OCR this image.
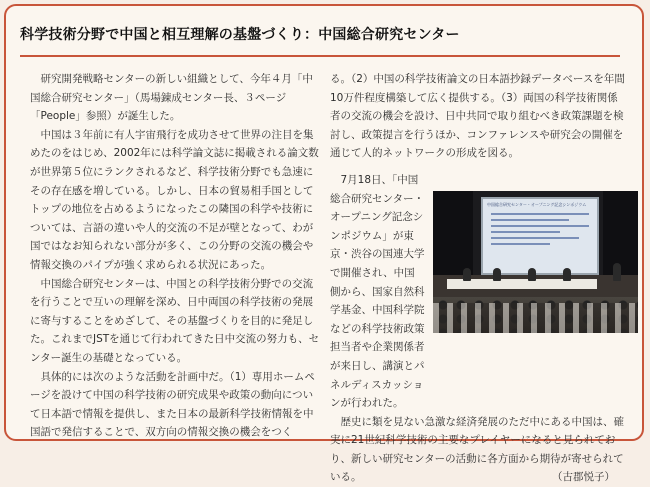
科学技術分野で中国と相互理解の基盤づくり：中国総合研究センター

研究開発戦略センターの新しい組織として、今年４月「中国総合研究センター」（馬場錬成センター長、３ページ「People」参照）が誕生した。

中国は３年前に有人宇宙飛行を成功させて世界の注目を集めたのをはじめ、2002年には科学論文誌に掲載される論文数が世界第５位にランクされるなど、科学技術分野でも急速にその存在感を増している。しかし、日本の貿易相手国としてトップの地位を占めるようになったこの隣国の科学や技術については、言語の違いや人的交流の不足が壁となって、わが国ではなお知られない部分が多く、この分野の交流の機会や情報交換のパイプが強く求められる状況にあった。

中国総合研究センターは、中国との科学技術分野での交流を行うことで互いの理解を深め、日中両国の科学技術の発展に寄与することをめざして、その基盤づくりを目的に発足した。これまでJSTを通じて行われてきた日中交流の努力も、センター誕生の基礎となっている。

具体的には次のような活動を計画中だ。（1）専用ホームページを設けて中国の科学技術の研究成果や政策の動向について日本語で情報を提供し、また日本の最新科学技術情報を中国語で発信することで、双方向の情報交換の機会をつく

る。（2）中国の科学技術論文の日本語抄録データベースを年間10万件程度構築して広く提供する。（3）両国の科学技術関係者の交流の機会を設け、日中共同で取り組むべき政策課題を検討し、政策提言を行うほか、コンファレンスや研究会の開催を通じて人的ネットワークの形成を図る。

7月18日、「中国総合研究センター・オープニング記念シンポジウム」が東京・渋谷の国連大学で開催され、中国側から、国家自然科学基金、中国科学院などの科学技術政策担当者や企業関係者が来日し、講演とパネルディスカッションが行われた。

歴史に類を見ない急激な経済発展のただ中にある中国は、確実に21世紀科学技術の主要なプレイヤーになると見られており、新しい研究センターの活動に各方面から期待が寄せられている。	（古郡悦子）

中国総合研究センター・オープニング記念シンポジウム
